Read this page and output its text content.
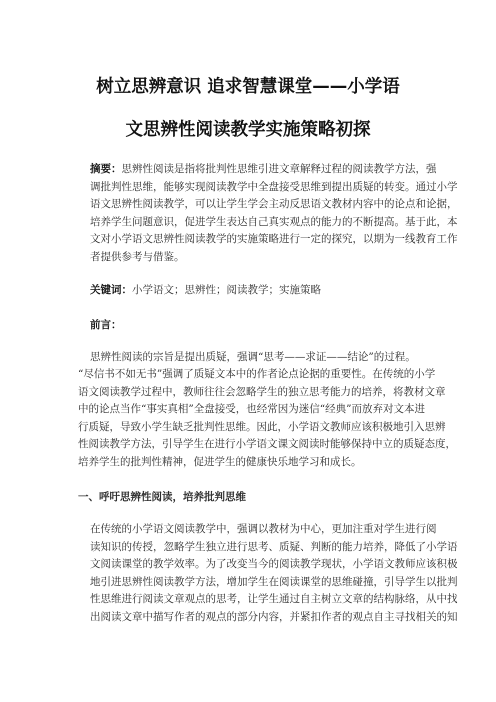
树立思辨意识 追求智慧课堂——小学语
文思辨性阅读教学实施策略初探
摘要：思辨性阅读是指将批判性思维引进文章解释过程的阅读教学方法，强
调批判性思维，能够实现阅读教学中全盘接受思维到提出质疑的转变。通过小学
语文思辨性阅读教学，可以让学生学会主动反思语文教材内容中的论点和论据，
培养学生问题意识，促进学生表达自己真实观点的能力的不断提高。基于此，本
文对小学语文思辨性阅读教学的实施策略进行一定的探究，以期为一线教育工作
者提供参考与借鉴。
关键词：小学语文；思辨性；阅读教学；实施策略
前言：
思辨性阅读的宗旨是提出质疑，强调“思考——求证——结论”的过程。
“尽信书不如无书”强调了质疑文本中的作者论点论据的重要性。在传统的小学
语文阅读教学过程中，教师往往会忽略学生的独立思考能力的培养，将教材文章
中的论点当作“事实真相”全盘接受，也经常因为迷信“经典”而放弃对文本进
行质疑，导致小学生缺乏批判性思维。因此，小学语文教师应该积极地引入思辨
性阅读教学方法，引导学生在进行小学语文课文阅读时能够保持中立的质疑态度，
培养学生的批判性精神，促进学生的健康快乐地学习和成长。
一、呼吁思辨性阅读，培养批判思维
在传统的小学语文阅读教学中，强调以教材为中心，更加注重对学生进行阅
读知识的传授，忽略学生独立进行思考、质疑、判断的能力培养，降低了小学语
文阅读课堂的教学效率。为了改变当今的阅读教学现状，小学语文教师应该积极
地引进思辨性阅读教学方法，增加学生在阅读课堂的思维碰撞，引导学生以批判
性思维进行阅读文章观点的思考，让学生通过自主树立文章的结构脉络，从中找
出阅读文章中描写作者的观点的部分内容，并紧扣作者的观点自主寻找相关的知
